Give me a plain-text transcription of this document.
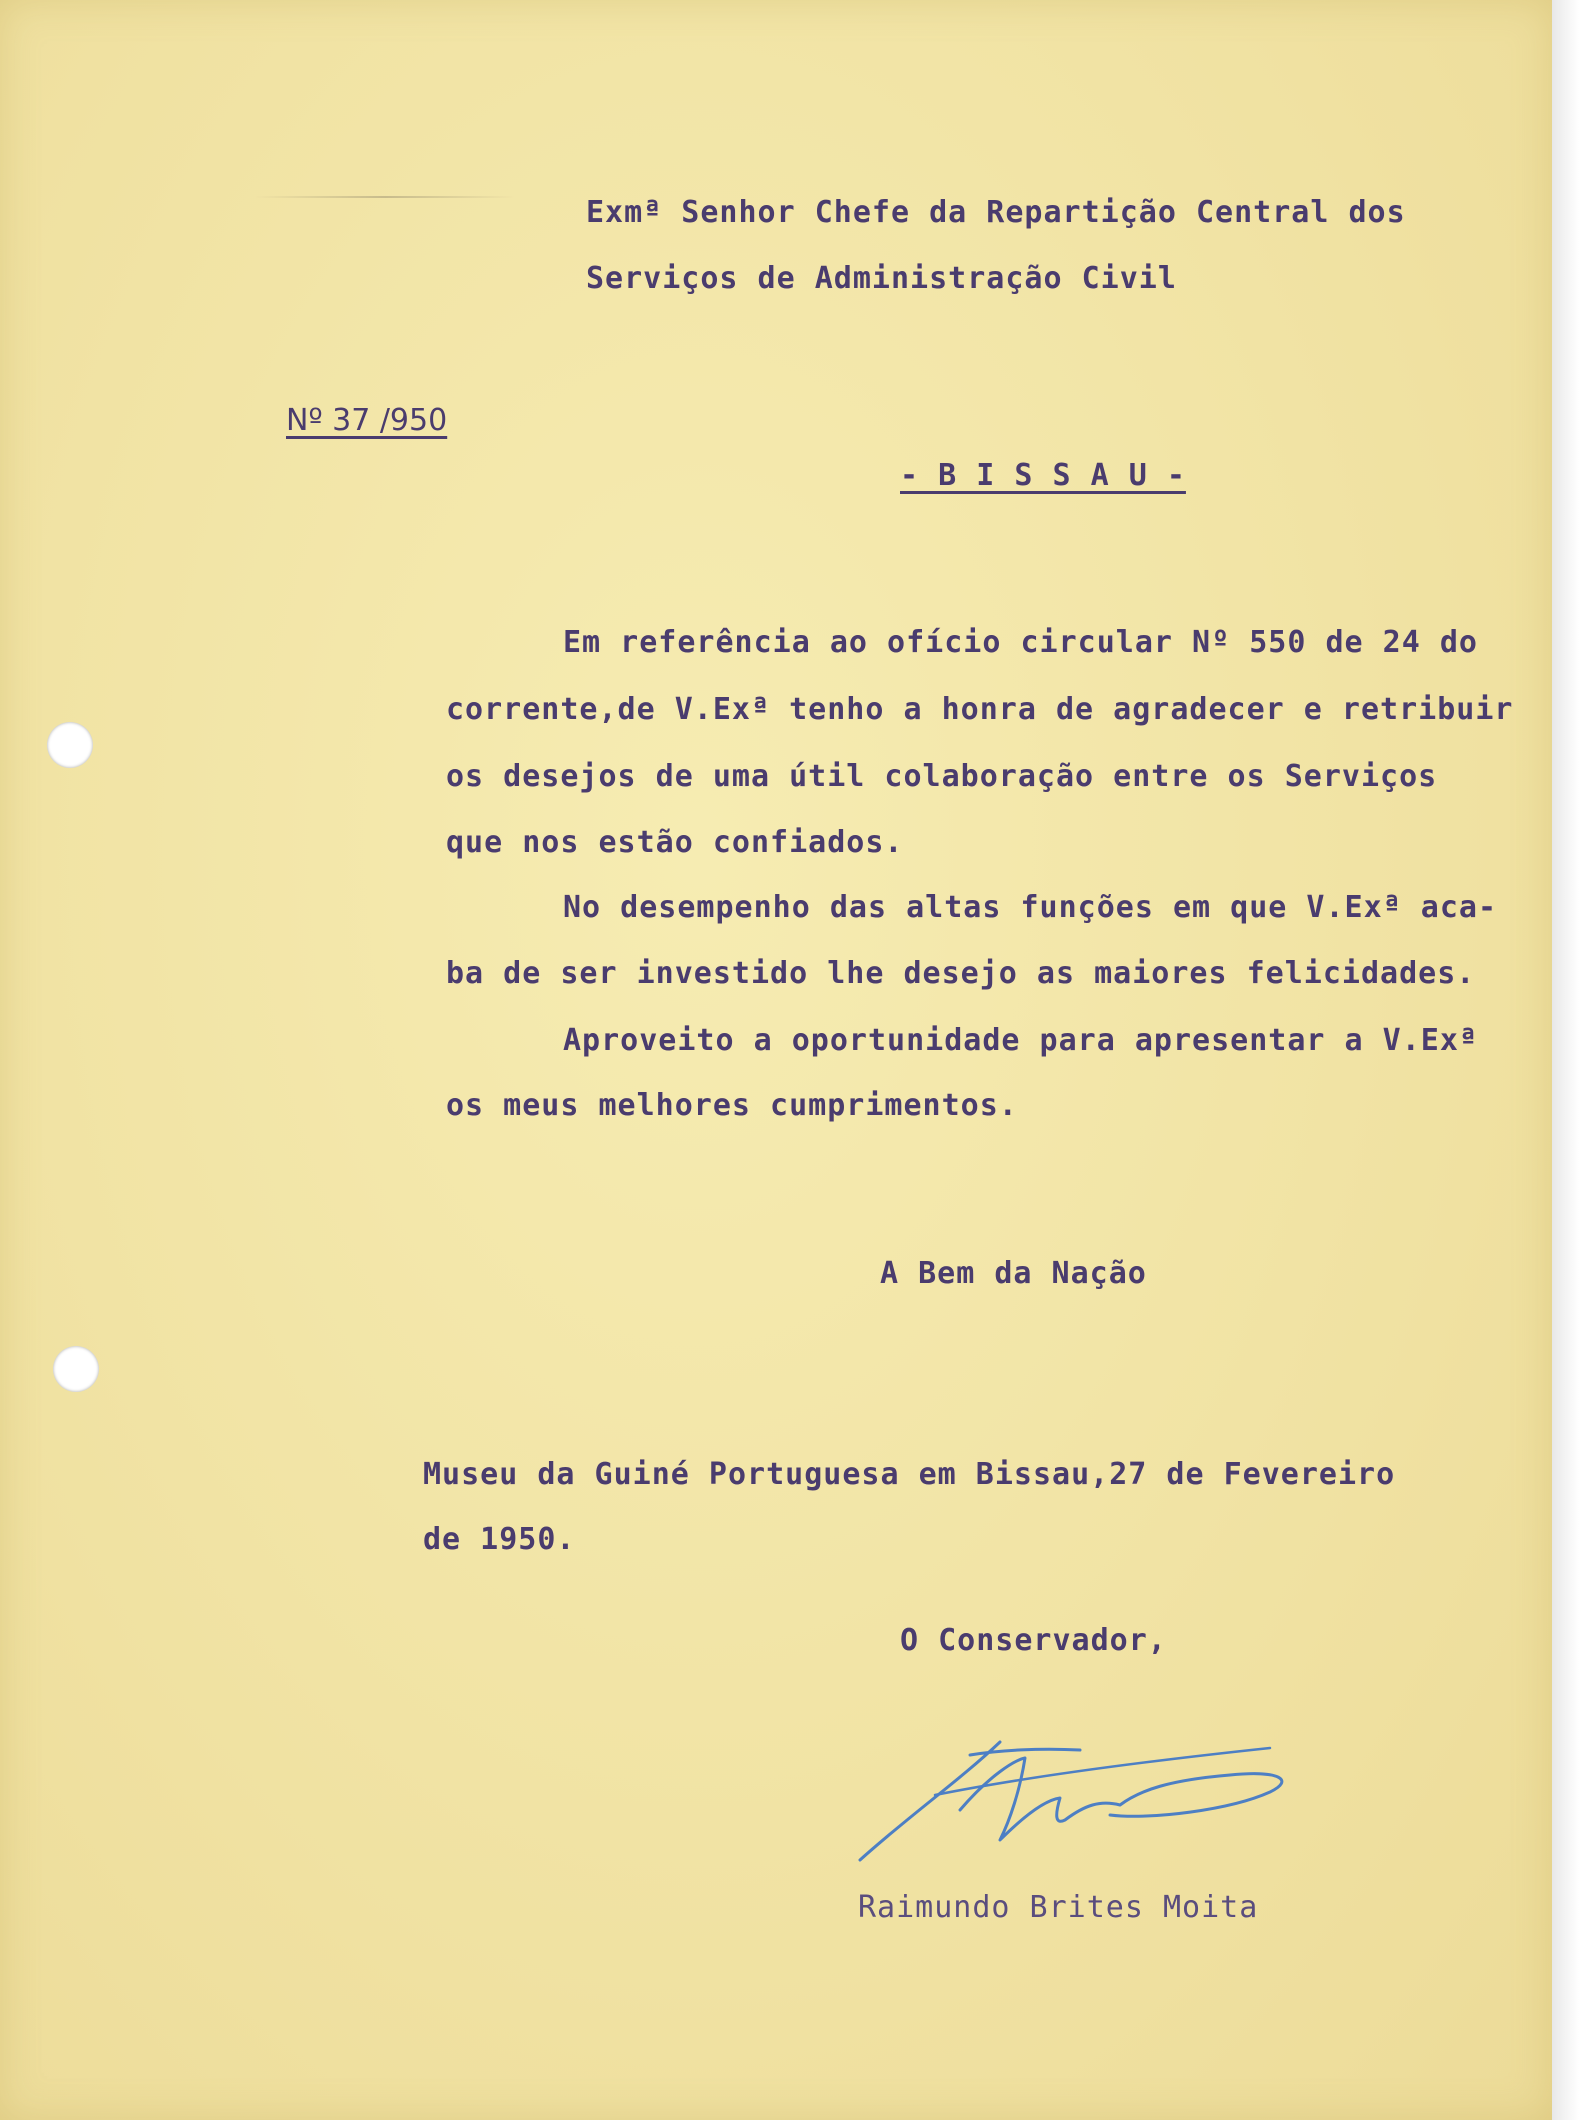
Exmª Senhor Chefe da Repartição Central dos
Serviços de Administração Civil
Nº 37 /950
- B I S S A U -
Em referência ao ofício circular Nº 550 de 24 do
corrente,de V.Exª tenho a honra de agradecer e retribuir
os desejos de uma útil colaboração entre os Serviços
que nos estão confiados.
No desempenho das altas funções em que V.Exª aca-
ba de ser investido lhe desejo as maiores felicidades.
Aproveito a oportunidade para apresentar a V.Exª
os meus melhores cumprimentos.
A Bem da Nação
Museu da Guiné Portuguesa em Bissau,27 de Fevereiro
de 1950.
O Conservador,
Raimundo Brites Moita
